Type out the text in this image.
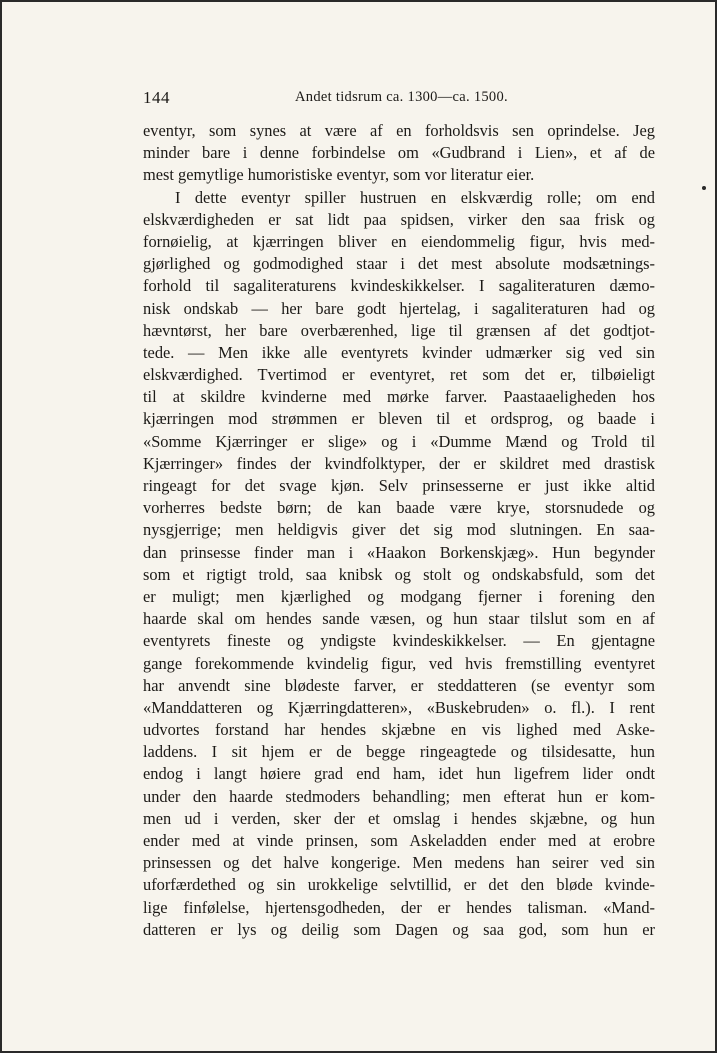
144	Andet tidsrum ca. 1300—ca. 1500.
eventyr, som synes at være af en forholdsvis sen oprindelse. Jeg
minder bare i denne forbindelse om «Gudbrand i Lien», et af de
mest gemytlige humoristiske eventyr, som vor literatur eier.
I dette eventyr spiller hustruen en elskværdig rolle; om end
elskværdigheden er sat lidt paa spidsen, virker den saa frisk og
fornøielig, at kjærringen bliver en eiendommelig figur, hvis med-
gjørlighed og godmodighed staar i det mest absolute modsætnings-
forhold til sagaliteraturens kvindeskikkelser. I sagaliteraturen dæmo-
nisk ondskab — her bare godt hjertelag, i sagaliteraturen had og
hævntørst, her bare overbærenhed, lige til grænsen af det godtjot-
tede. — Men ikke alle eventyrets kvinder udmærker sig ved sin
elskværdighed. Tvertimod er eventyret, ret som det er, tilbøieligt
til at skildre kvinderne med mørke farver. Paastaaeligheden hos
kjærringen mod strømmen er bleven til et ordsprog, og baade i
«Somme Kjærringer er slige» og i «Dumme Mænd og Trold til
Kjærringer» findes der kvindfolktyper, der er skildret med drastisk
ringeagt for det svage kjøn. Selv prinsesserne er just ikke altid
vorherres bedste børn; de kan baade være krye, storsnudede og
nysgjerrige; men heldigvis giver det sig mod slutningen. En saa-
dan prinsesse finder man i «Haakon Borkenskjæg». Hun begynder
som et rigtigt trold, saa knibsk og stolt og ondskabsfuld, som det
er muligt; men kjærlighed og modgang fjerner i forening den
haarde skal om hendes sande væsen, og hun staar tilslut som en af
eventyrets fineste og yndigste kvindeskikkelser. — En gjentagne
gange forekommende kvindelig figur, ved hvis fremstilling eventyret
har anvendt sine blødeste farver, er steddatteren (se eventyr som
«Manddatteren og Kjærringdatteren», «Buskebruden» o. fl.). I rent
udvortes forstand har hendes skjæbne en vis lighed med Aske-
laddens. I sit hjem er de begge ringeagtede og tilsidesatte, hun
endog i langt høiere grad end ham, idet hun ligefrem lider ondt
under den haarde stedmoders behandling; men efterat hun er kom-
men ud i verden, sker der et omslag i hendes skjæbne, og hun
ender med at vinde prinsen, som Askeladden ender med at erobre
prinsessen og det halve kongerige. Men medens han seirer ved sin
uforfærdethed og sin urokkelige selvtillid, er det den bløde kvinde-
lige finfølelse, hjertensgodheden, der er hendes talisman. «Mand-
datteren er lys og deilig som Dagen og saa god, som hun er
